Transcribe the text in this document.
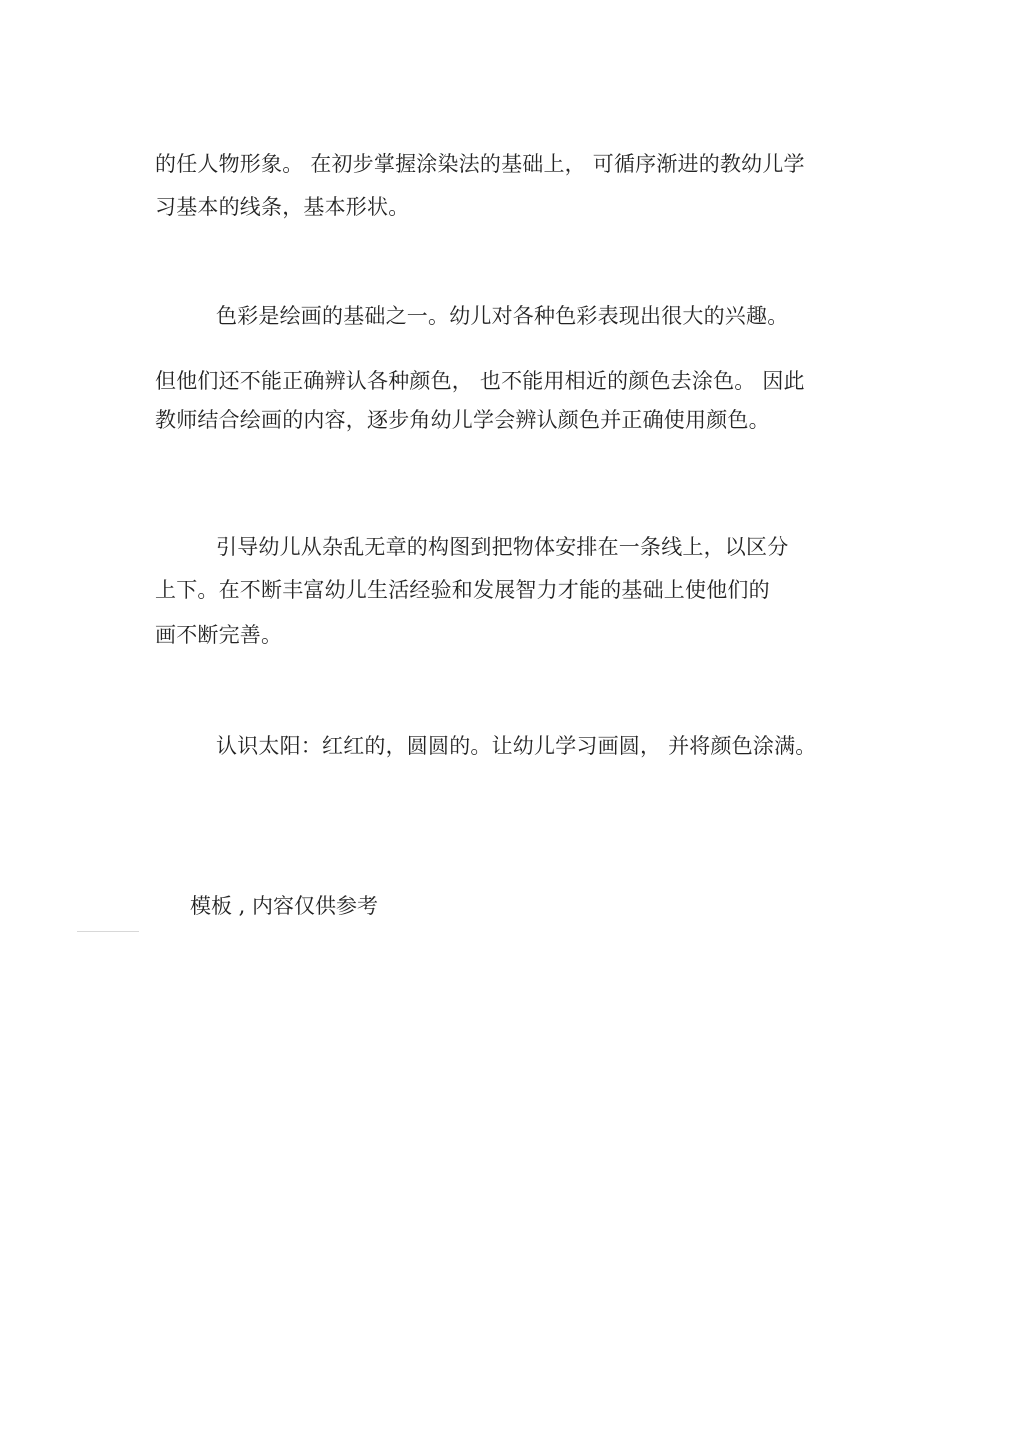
的任人物形象。 在初步掌握涂染法的基础上， 可循序渐进的教幼儿学
习基本的线条，基本形状。
色彩是绘画的基础之一。幼儿对各种色彩表现出很大的兴趣。
但他们还不能正确辨认各种颜色， 也不能用相近的颜色去涂色。 因此
教师结合绘画的内容，逐步角幼儿学会辨认颜色并正确使用颜色。
引导幼儿从杂乱无章的构图到把物体安排在一条线上，以区分
上下。在不断丰富幼儿生活经验和发展智力才能的基础上使他们的
画不断完善。
认识太阳：红红的，圆圆的。让幼儿学习画圆， 并将颜色涂满。
模板 , 内容仅供参考
